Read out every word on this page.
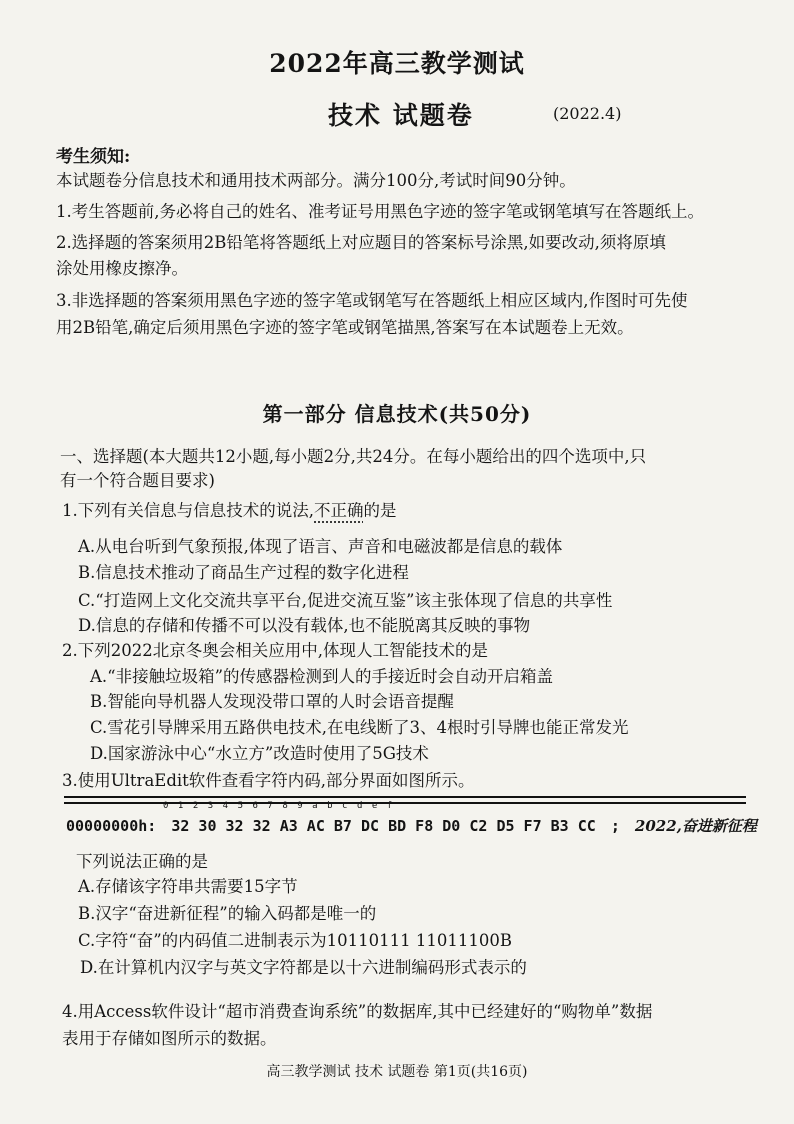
2022年高三教学测试
技术 试题卷	(2022.4)
考生须知:
本试题卷分信息技术和通用技术两部分。满分100分,考试时间90分钟。
1.考生答题前,务必将自己的姓名、准考证号用黑色字迹的签字笔或钢笔填写在答题纸上。
2.选择题的答案须用2B铅笔将答题纸上对应题目的答案标号涂黑,如要改动,须将原填
涂处用橡皮擦净。
3.非选择题的答案须用黑色字迹的签字笔或钢笔写在答题纸上相应区域内,作图时可先使
用2B铅笔,确定后须用黑色字迹的签字笔或钢笔描黑,答案写在本试题卷上无效。
第一部分 信息技术(共50分)
一、选择题(本大题共12小题,每小题2分,共24分。在每小题给出的四个选项中,只
有一个符合题目要求)
1.下列有关信息与信息技术的说法,不正确的是
A.从电台听到气象预报,体现了语言、声音和电磁波都是信息的载体
B.信息技术推动了商品生产过程的数字化进程
C.“打造网上文化交流共享平台,促进交流互鉴”该主张体现了信息的共享性
D.信息的存储和传播不可以没有载体,也不能脱离其反映的事物
2.下列2022北京冬奥会相关应用中,体现人工智能技术的是
A.“非接触垃圾箱”的传感器检测到人的手接近时会自动开启箱盖
B.智能向导机器人发现没带口罩的人时会语音提醒
C.雪花引导牌采用五路供电技术,在电线断了3、4根时引导牌也能正常发光
D.国家游泳中心“水立方”改造时使用了5G技术
3.使用UltraEdit软件查看字符内码,部分界面如图所示。
0123456789abcdef
00000000h: 32 30 32 32 A3 AC B7 DC BD F8 D0 C2 D5 F7 B3 CC ; 2022,奋进新征程
下列说法正确的是
A.存储该字符串共需要15字节
B.汉字“奋进新征程”的输入码都是唯一的
C.字符“奋”的内码值二进制表示为10110111 11011100B
D.在计算机内汉字与英文字符都是以十六进制编码形式表示的
4.用Access软件设计“超市消费查询系统”的数据库,其中已经建好的“购物单”数据
表用于存储如图所示的数据。
高三教学测试 技术 试题卷 第1页(共16页)
